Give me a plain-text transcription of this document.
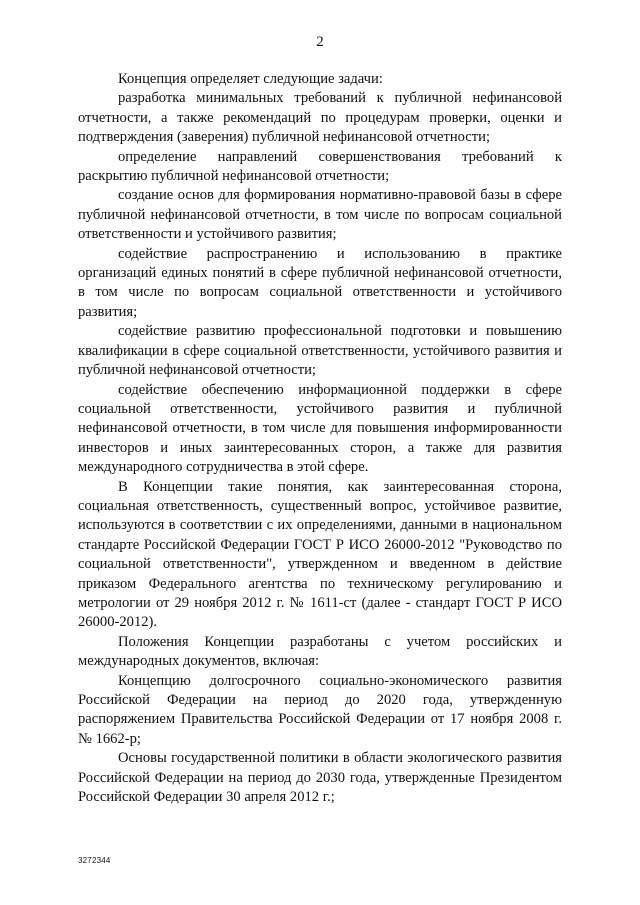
2

Концепция определяет следующие задачи:

разработка минимальных требований к публичной нефинансовой отчетности, а также рекомендаций по процедурам проверки, оценки и подтверждения (заверения) публичной нефинансовой отчетности;

определение направлений совершенствования требований к раскрытию публичной нефинансовой отчетности;

создание основ для формирования нормативно-правовой базы в сфере публичной нефинансовой отчетности, в том числе по вопросам социальной ответственности и устойчивого развития;

содействие распространению и использованию в практике организаций единых понятий в сфере публичной нефинансовой отчетности, в том числе по вопросам социальной ответственности и устойчивого развития;

содействие развитию профессиональной подготовки и повышению квалификации в сфере социальной ответственности, устойчивого развития и публичной нефинансовой отчетности;

содействие обеспечению информационной поддержки в сфере социальной ответственности, устойчивого развития и публичной нефинансовой отчетности, в том числе для повышения информированности инвесторов и иных заинтересованных сторон, а также для развития международного сотрудничества в этой сфере.

В Концепции такие понятия, как заинтересованная сторона, социальная ответственность, существенный вопрос, устойчивое развитие, используются в соответствии с их определениями, данными в национальном стандарте Российской Федерации ГОСТ Р ИСО 26000-2012 "Руководство по социальной ответственности", утвержденном и введенном в действие приказом Федерального агентства по техническому регулированию и метрологии от 29 ноября 2012 г. № 1611-ст (далее - стандарт ГОСТ Р ИСО 26000-2012).

Положения Концепции разработаны с учетом российских и международных документов, включая:

Концепцию долгосрочного социально-экономического развития Российской Федерации на период до 2020 года, утвержденную распоряжением Правительства Российской Федерации от 17 ноября 2008 г. № 1662-р;

Основы государственной политики в области экологического развития Российской Федерации на период до 2030 года, утвержденные Президентом Российской Федерации 30 апреля 2012 г.;

3272344
